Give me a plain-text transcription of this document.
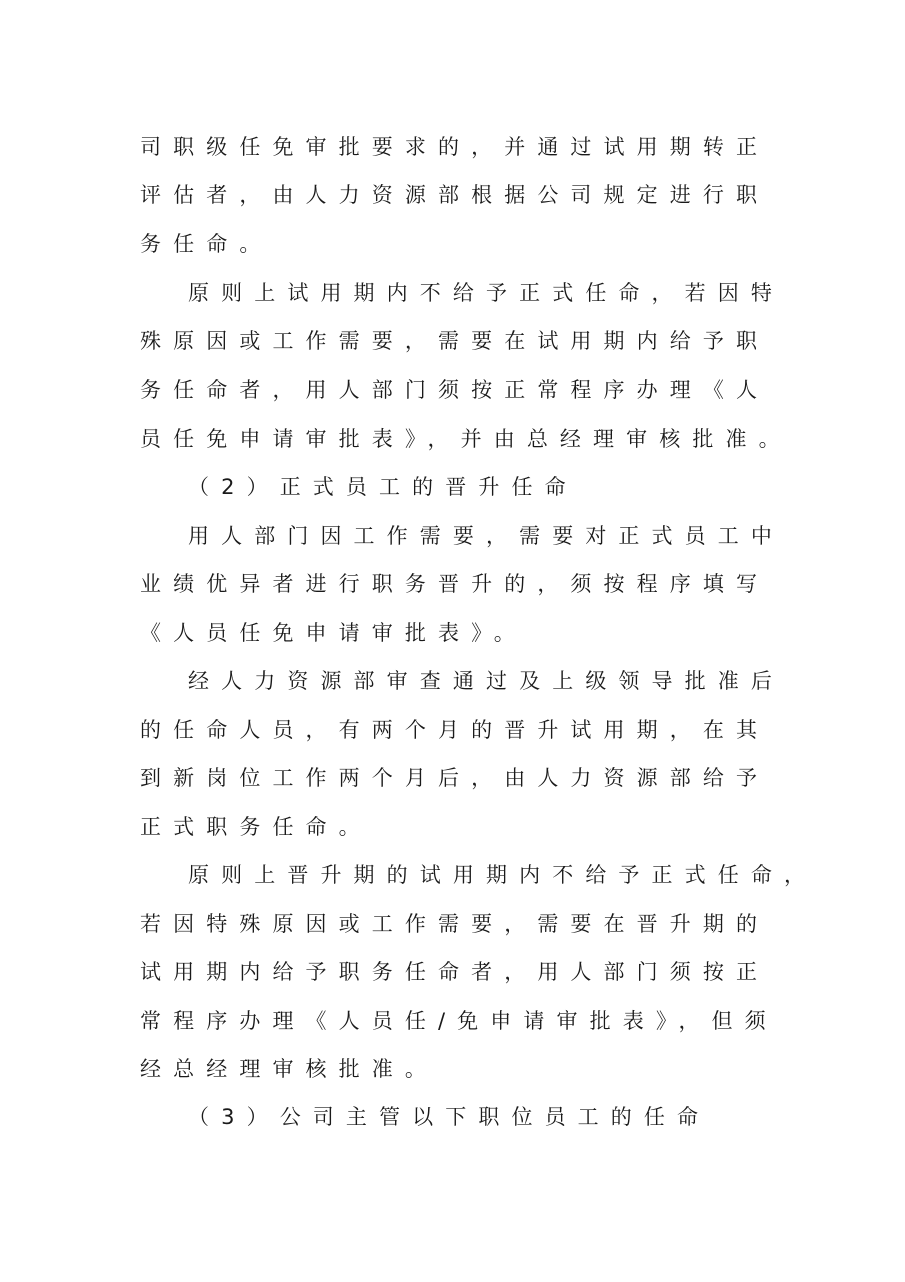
司职级任免审批要求的，并通过试用期转正
评估者，由人力资源部根据公司规定进行职
务任命。
原则上试用期内不给予正式任命，若因特
殊原因或工作需要，需要在试用期内给予职
务任命者，用人部门须按正常程序办理《人
员任免申请审批表》，并由总经理审核批准。
（2）正式员工的晋升任命
用人部门因工作需要，需要对正式员工中
业绩优异者进行职务晋升的，须按程序填写
《人员任免申请审批表》。
经人力资源部审查通过及上级领导批准后
的任命人员，有两个月的晋升试用期，在其
到新岗位工作两个月后，由人力资源部给予
正式职务任命。
原则上晋升期的试用期内不给予正式任命，
若因特殊原因或工作需要，需要在晋升期的
试用期内给予职务任命者，用人部门须按正
常程序办理《人员任/免申请审批表》，但须
经总经理审核批准。
（3）公司主管以下职位员工的任命
